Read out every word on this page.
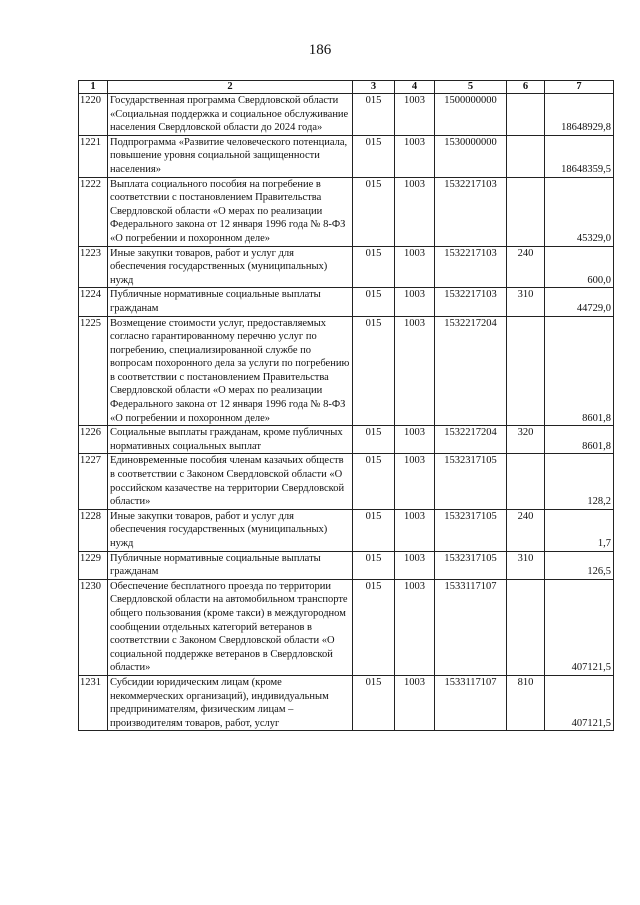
186
1	2	3	4	5	6	7
1220	Государственная программа Свердловской области «Социальная поддержка и социальное обслуживание населения Свердловской области до 2024 года»	015	1003	1500000000		18648929,8
1221	Подпрограмма «Развитие человеческого потенциала, повышение уровня социальной защищенности населения»	015	1003	1530000000		18648359,5
1222	Выплата социального пособия на погребение в соответствии с постановлением Правительства Свердловской области «О мерах по реализации Федерального закона от 12 января 1996 года № 8-ФЗ «О погребении и похоронном деле»	015	1003	1532217103		45329,0
1223	Иные закупки товаров, работ и услуг для обеспечения государственных (муниципальных) нужд	015	1003	1532217103	240	600,0
1224	Публичные нормативные социальные выплаты гражданам	015	1003	1532217103	310	44729,0
1225	Возмещение стоимости услуг, предоставляемых согласно гарантированному перечню услуг по погребению, специализированной службе по вопросам похоронного дела за услуги по погребению в соответствии с постановлением Правительства Свердловской области «О мерах по реализации Федерального закона от 12 января 1996 года № 8-ФЗ «О погребении и похоронном деле»	015	1003	1532217204		8601,8
1226	Социальные выплаты гражданам, кроме публичных нормативных социальных выплат	015	1003	1532217204	320	8601,8
1227	Единовременные пособия членам казачьих обществ в соответствии с Законом Свердловской области «О российском казачестве на территории Свердловской области»	015	1003	1532317105		128,2
1228	Иные закупки товаров, работ и услуг для обеспечения государственных (муниципальных) нужд	015	1003	1532317105	240	1,7
1229	Публичные нормативные социальные выплаты гражданам	015	1003	1532317105	310	126,5
1230	Обеспечение бесплатного проезда по территории Свердловской области на автомобильном транспорте общего пользования (кроме такси) в междугородном сообщении отдельных категорий ветеранов в соответствии с Законом Свердловской области «О социальной поддержке ветеранов в Свердловской области»	015	1003	1533117107		407121,5
1231	Субсидии юридическим лицам (кроме некоммерческих организаций), индивидуальным предпринимателям, физическим лицам – производителям товаров, работ, услуг	015	1003	1533117107	810	407121,5
